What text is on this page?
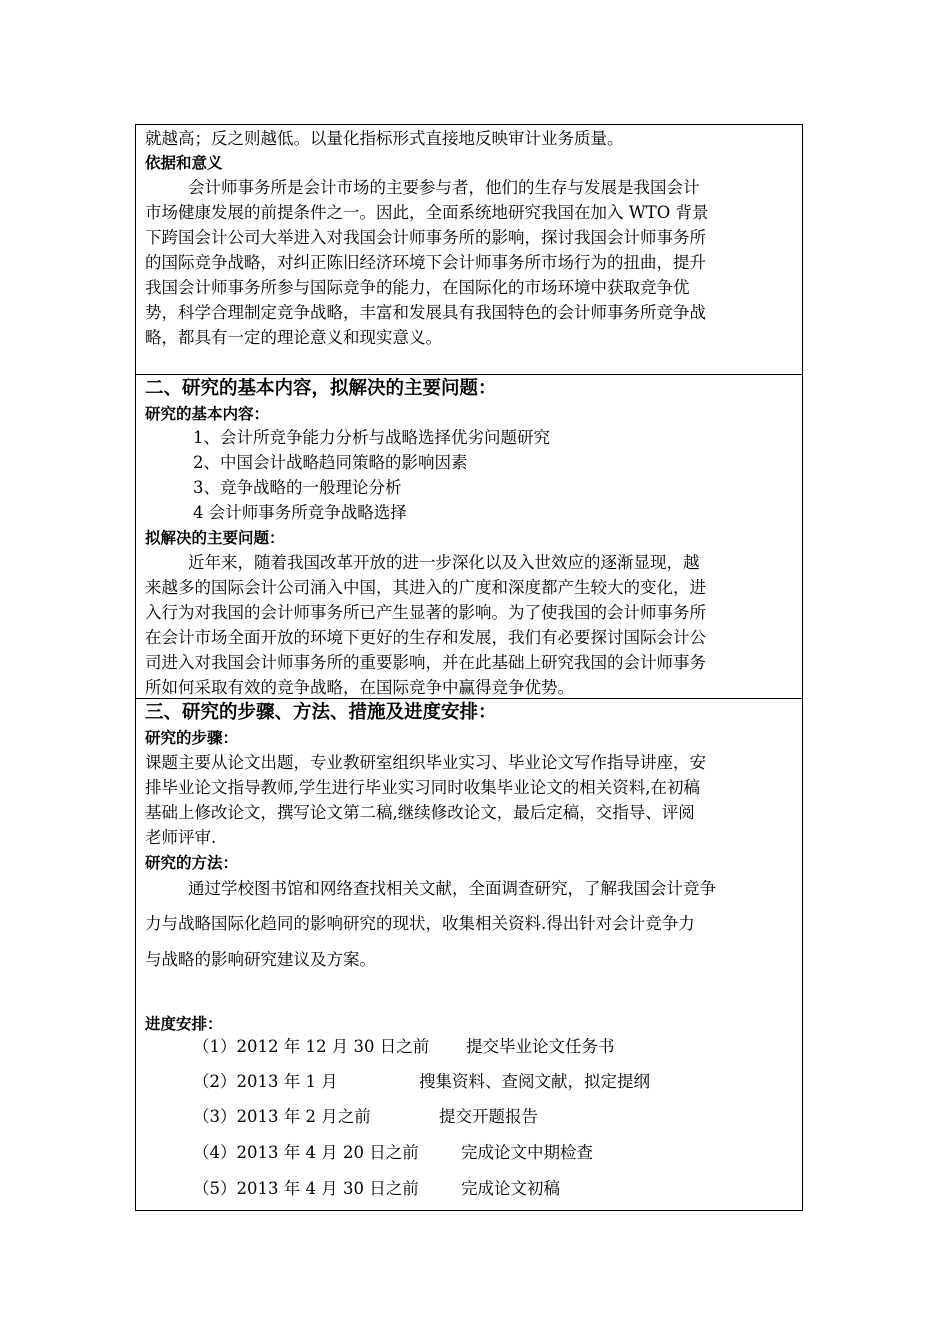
就越高；反之则越低。以量化指标形式直接地反映审计业务质量。
依据和意义
会计师事务所是会计市场的主要参与者，他们的生存与发展是我国会计
市场健康发展的前提条件之一。因此，全面系统地研究我国在加入 WTO 背景
下跨国会计公司大举进入对我国会计师事务所的影响，探讨我国会计师事务所
的国际竞争战略，对纠正陈旧经济环境下会计师事务所市场行为的扭曲，提升
我国会计师事务所参与国际竞争的能力，在国际化的市场环境中获取竞争优
势，科学合理制定竞争战略，丰富和发展具有我国特色的会计师事务所竞争战
略，都具有一定的理论意义和现实意义。
二、研究的基本内容，拟解决的主要问题：
研究的基本内容：
1、会计所竞争能力分析与战略选择优劣问题研究
2、中国会计战略趋同策略的影响因素
3、竞争战略的一般理论分析
4 会计师事务所竞争战略选择
拟解决的主要问题：
近年来，随着我国改革开放的进一步深化以及入世效应的逐渐显现，越
来越多的国际会计公司涌入中国，其进入的广度和深度都产生较大的变化，进
入行为对我国的会计师事务所已产生显著的影响。为了使我国的会计师事务所
在会计市场全面开放的环境下更好的生存和发展，我们有必要探讨国际会计公
司进入对我国会计师事务所的重要影响，并在此基础上研究我国的会计师事务
所如何采取有效的竞争战略，在国际竞争中赢得竞争优势。
三、研究的步骤、方法、措施及进度安排：
研究的步骤：
课题主要从论文出题，专业教研室组织毕业实习、毕业论文写作指导讲座，安
排毕业论文指导教师,学生进行毕业实习同时收集毕业论文的相关资料,在初稿
基础上修改论文，撰写论文第二稿,继续修改论文，最后定稿，交指导、评阅
老师评审.
研究的方法：
通过学校图书馆和网络查找相关文献，全面调查研究，了解我国会计竞争
力与战略国际化趋同的影响研究的现状，收集相关资料.得出针对会计竞争力
与战略的影响研究建议及方案。
进度安排：
（1）2012 年 12 月 30 日之前 提交毕业论文任务书
（2）2013 年 1 月	搜集资料、查阅文献，拟定提纲
（3）2013 年 2 月之前	提交开题报告
（4）2013 年 4 月 20 日之前	完成论文中期检查
（5）2013 年 4 月 30 日之前	完成论文初稿
